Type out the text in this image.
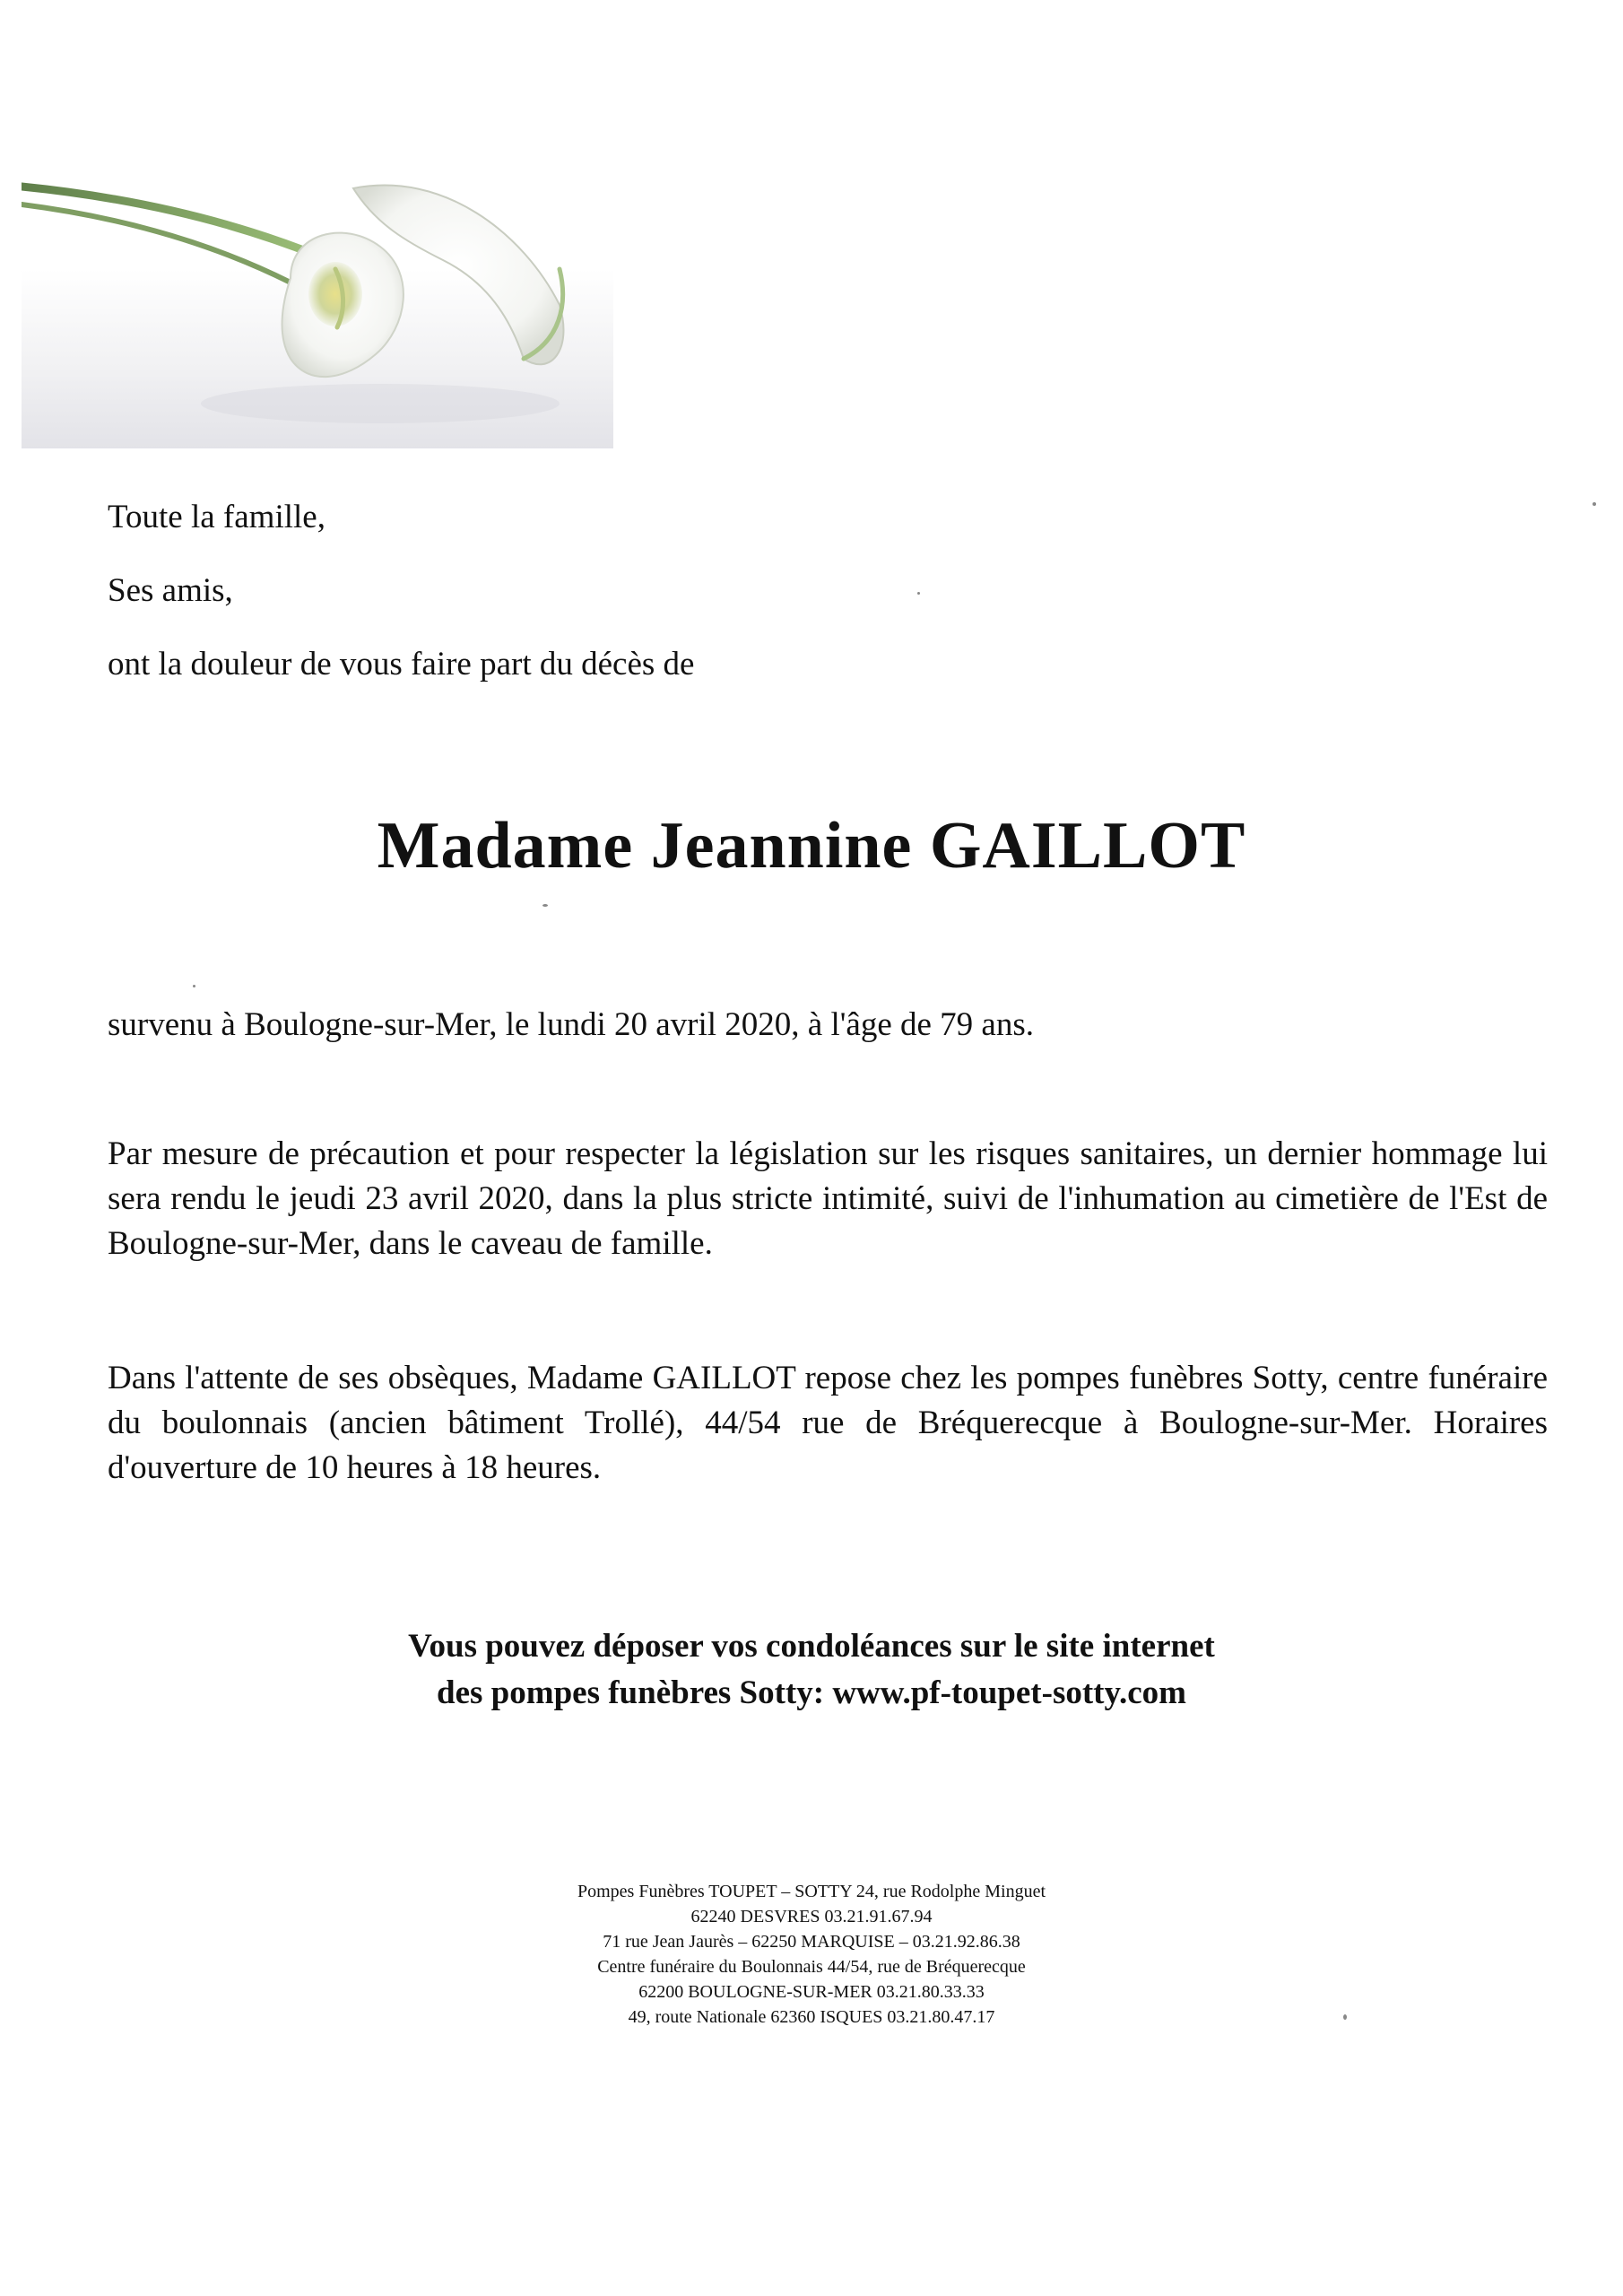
Toute la famille,

Ses amis,

ont la douleur de vous faire part du décès de

Madame Jeannine GAILLOT

survenu à Boulogne-sur-Mer, le lundi 20 avril 2020, à l'âge de 79 ans.

Par mesure de précaution et pour respecter la législation sur les risques sanitaires, un dernier hommage lui sera rendu le jeudi 23 avril 2020, dans la plus stricte intimité, suivi de l'inhumation au cimetière de l'Est de Boulogne-sur-Mer, dans le caveau de famille.

Dans l'attente de ses obsèques, Madame GAILLOT repose chez les pompes funèbres Sotty, centre funéraire du boulonnais (ancien bâtiment Trollé), 44/54 rue de Bréquerecque à Boulogne-sur-Mer. Horaires d'ouverture de 10 heures à 18 heures.

Vous pouvez déposer vos condoléances sur le site internet
des pompes funèbres Sotty: www.pf-toupet-sotty.com
Pompes Funèbres TOUPET – SOTTY 24, rue Rodolphe Minguet
62240 DESVRES 03.21.91.67.94
71 rue Jean Jaurès – 62250 MARQUISE – 03.21.92.86.38
Centre funéraire du Boulonnais 44/54, rue de Bréquerecque
62200 BOULOGNE-SUR-MER 03.21.80.33.33
49, route Nationale 62360 ISQUES 03.21.80.47.17
